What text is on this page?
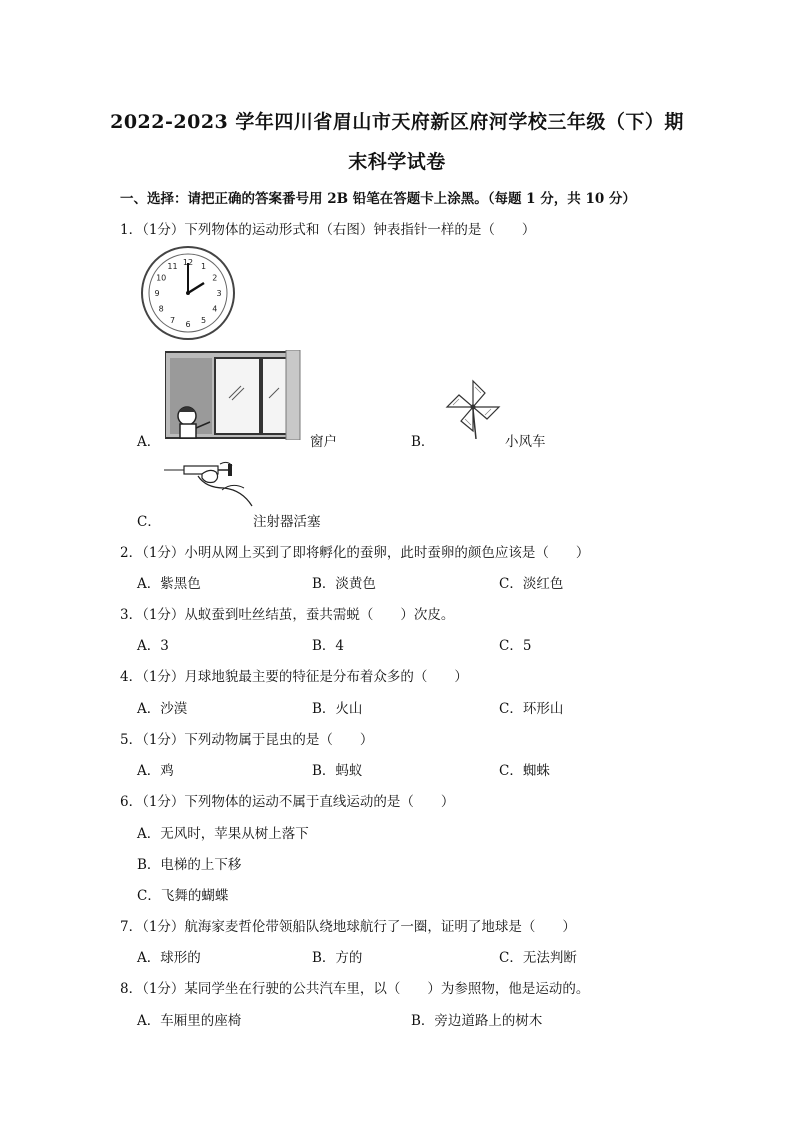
2022-2023 学年四川省眉山市天府新区府河学校三年级（下）期
末科学试卷
一、选择：请把正确的答案番号用 2B 铅笔在答题卡上涂黑。（每题 1 分，共 10 分）
1．（1分）下列物体的运动形式和（右图）钟表指针一样的是（　　）
12 1
2
3
4
5
6
7
8
9
10
11
A．	窗户	B．	小风车
C．	注射器活塞
2．（1分）小明从网上买到了即将孵化的蚕卵，此时蚕卵的颜色应该是（　　）
A．紫黑色	B．淡黄色	C．淡红色
3．（1分）从蚁蚕到吐丝结茧，蚕共需蜕（　　）次皮。
A．3	B．4	C．5
4．（1分）月球地貌最主要的特征是分布着众多的（　　）
A．沙漠	B．火山	C．环形山
5．（1分）下列动物属于昆虫的是（　　）
A．鸡	B．蚂蚁	C．蜘蛛
6．（1分）下列物体的运动不属于直线运动的是（　　）
A．无风时，苹果从树上落下
B．电梯的上下移
C．飞舞的蝴蝶
7．（1分）航海家麦哲伦带领船队绕地球航行了一圈，证明了地球是（　　）
A．球形的	B．方的	C．无法判断
8．（1分）某同学坐在行驶的公共汽车里，以（　　）为参照物，他是运动的。
A．车厢里的座椅	B．旁边道路上的树木
